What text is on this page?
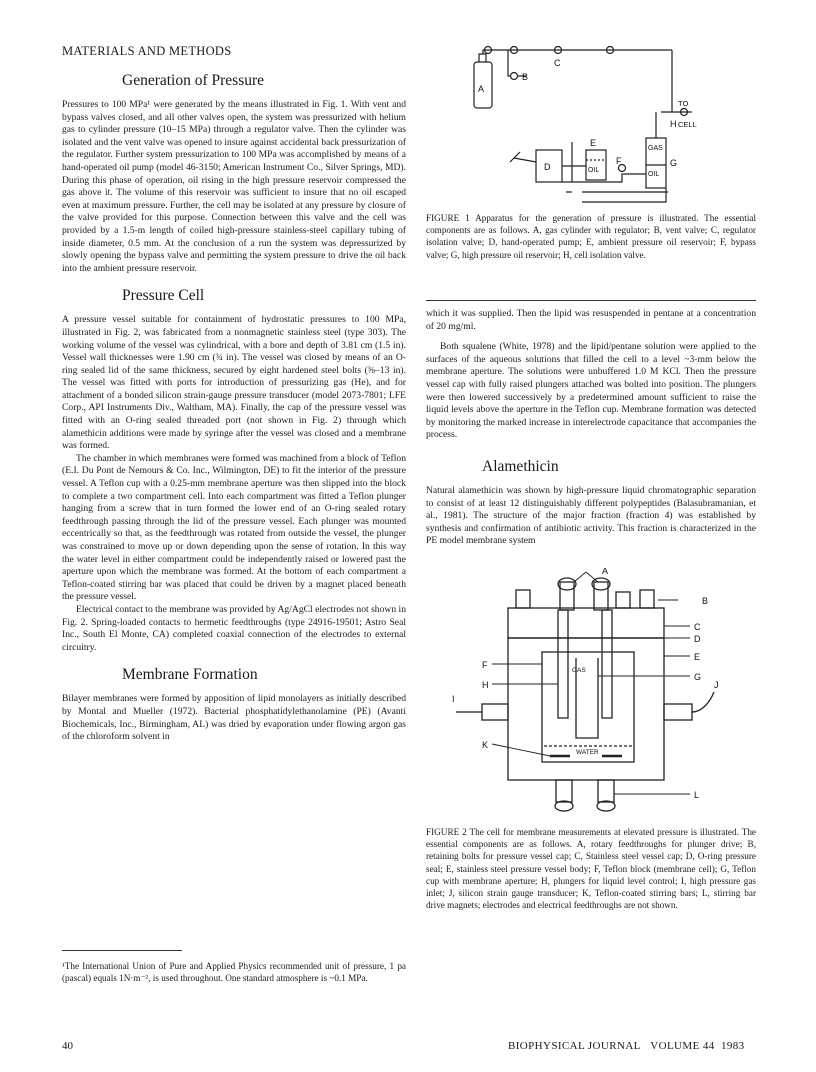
MATERIALS AND METHODS
Generation of Pressure

Pressures to 100 MPa¹ were generated by the means illustrated in Fig. 1. With vent and bypass valves closed, and all other valves open, the system was pressurized with helium gas to cylinder pressure (10–15 MPa) through a regulator valve. Then the cylinder was isolated and the vent valve was opened to insure against accidental back pressurization of the regulator. Further system pressurization to 100 MPa was accomplished by means of a hand-operated oil pump (model 46-3150; American Instrument Co., Silver Springs, MD). During this phase of operation, oil rising in the high pressure reservoir compressed the gas above it. The volume of this reservoir was sufficient to insure that no oil escaped even at maximum pressure. Further, the cell may be isolated at any pressure by closure of the valve provided for this purpose. Connection between this valve and the cell was provided by a 1.5-m length of coiled high-pressure stainless-steel capillary tubing of inside diameter, 0.5 mm. At the conclusion of a run the system was depressurized by slowly opening the bypass valve and permitting the system pressure to drive the oil back into the ambient pressure reservoir.

Pressure Cell

A pressure vessel suitable for containment of hydrostatic pressures to 100 MPa, illustrated in Fig. 2, was fabricated from a nonmagnetic stainless steel (type 303). The working volume of the vessel was cylindrical, with a bore and depth of 3.81 cm (1.5 in). Vessel wall thicknesses were 1.90 cm (¾ in). The vessel was closed by means of an O-ring sealed lid of the same thickness, secured by eight hardened steel bolts (⅜–13 in). The vessel was fitted with ports for introduction of pressurizing gas (He), and for attachment of a bonded silicon strain-gauge pressure transducer (model 2073-7801; LFE Corp., API Instruments Div., Waltham, MA). Finally, the cap of the pressure vessel was fitted with an O-ring sealed threaded port (not shown in Fig. 2) through which alamethicin additions were made by syringe after the vessel was closed and a membrane was formed.

The chamber in which membranes were formed was machined from a block of Teflon (E.I. Du Pont de Nemours & Co. Inc., Wilmington, DE) to fit the interior of the pressure vessel. A Teflon cup with a 0.25-mm membrane aperture was then slipped into the block to complete a two compartment cell. Into each compartment was fitted a Teflon plunger hanging from a screw that in turn formed the lower end of an O-ring sealed rotary feedthrough passing through the lid of the pressure vessel. Each plunger was mounted eccentrically so that, as the feedthrough was rotated from outside the vessel, the plunger was constrained to move up or down depending upon the sense of rotation. In this way the water level in either compartment could be independently raised or lowered past the aperture upon which the membrane was formed. At the bottom of each compartment a Teflon-coated stirring bar was placed that could be driven by a magnet placed beneath the pressure vessel.

Electrical contact to the membrane was provided by Ag/AgCl electrodes not shown in Fig. 2. Spring-loaded contacts to hermetic feedthroughs (type 24916-19501; Astro Seal Inc., South El Monte, CA) completed coaxial connection of the electrodes to external circuitry.

Membrane Formation

Bilayer membranes were formed by apposition of lipid monolayers as initially described by Montal and Mueller (1972). Bacterial phosphatidylethanolamine (PE) (Avanti Biochemicals, Inc., Birmingham, AL) was dried by evaporation under flowing argon gas of the chloroform solvent in

¹The International Union of Pure and Applied Physics recommended unit of pressure, 1 pa (pascal) equals 1N·m⁻², is used throughout. One standard atmosphere is ~0.1 MPa.

A
B
C
D
E
F	G
H
TO
CELL
GAS
OIL
OIL

FIGURE 1 Apparatus for the generation of pressure is illustrated. The essential components are as follows. A, gas cylinder with regulator; B, vent valve; C, regulator isolation valve; D, hand-operated pump; E, ambient pressure oil reservoir; F, bypass valve; G, high pressure oil reservoir; H, cell isolation valve.

which it was supplied. Then the lipid was resuspended in pentane at a concentration of 20 mg/ml.

Both squalene (White, 1978) and the lipid/pentane solution were applied to the surfaces of the aqueous solutions that filled the cell to a level ~3-mm below the membrane aperture. The solutions were unbuffered 1.0 M KCl. Then the pressure vessel cap with fully raised plungers attached was bolted into position. The plungers were then lowered successively by a predetermined amount sufficient to raise the liquid levels above the aperture in the Teflon cup. Membrane formation was detected by monitoring the marked increase in interelectrode capacitance that accompanies the process.

Alamethicin

Natural alamethicin was shown by high-pressure liquid chromatographic separation to consist of at least 12 distinguishably different polypeptides (Balasubramanian, et al., 1981). The structure of the major fraction (fraction 4) was established by synthesis and confirmation of antibiotic activity. This fraction is characterized in the PE model membrane system

B
C
D
E
G
F
H
I
J
K
L
A
GAS
WATER

FIGURE 2 The cell for membrane measurements at elevated pressure is illustrated. The essential components are as follows. A, rotary feedthroughs for plunger drive; B, retaining bolts for pressure vessel cap; C, Stainless steel vessel cap; D, O-ring pressure seal; E, stainless steel pressure vessel body; F, Teflon block (membrane cell); G, Teflon cup with membrane aperture; H, plungers for liquid level control; I, high pressure gas inlet; J, silicon strain gauge transducer; K, Teflon-coated stirring bars; L, stirring bar drive magnets; electrodes and electrical feedthroughs are not shown.

40	BIOPHYSICAL JOURNAL VOLUME 44 1983
